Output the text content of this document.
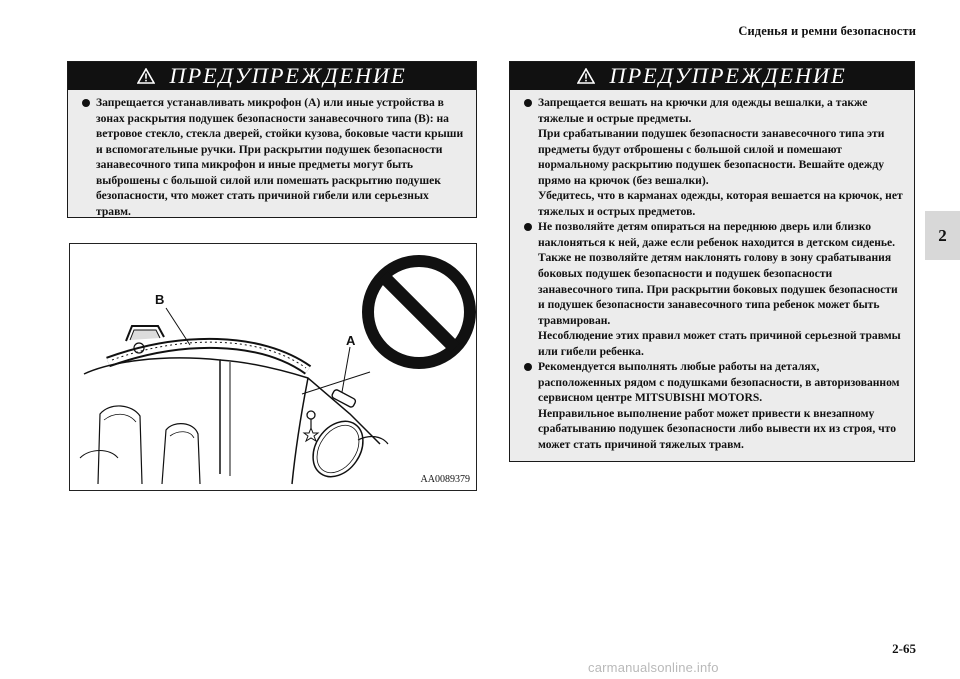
Сиденья и ремни безопасности
2
ПРЕДУПРЕЖДЕНИЕ

Запрещается устанавливать микрофон (A) или иные устройства в зонах раскрытия подушек безопасности занавесочного типа (B): на ветровое стекло, стекла дверей, стойки кузова, боковые части крыши и вспомогательные ручки. При раскрытии подушек безопасности занавесочного типа микрофон и иные предметы могут быть выброшены с большой силой или помешать раскрытию подушек безопасности, что может стать причиной гибели или серьезных травм.

B
A
AA0089379
ПРЕДУПРЕЖДЕНИЕ

Запрещается вешать на крючки для одежды вешалки, а также тяжелые и острые предметы.

При срабатывании подушек безопасности занавесочного типа эти предметы будут отброшены с большой силой и помешают нормальному раскрытию подушек безопасности. Вешайте одежду прямо на крючок (без вешалки).

Убедитесь, что в карманах одежды, которая вешается на крючок, нет тяжелых и острых предметов.

Не позволяйте детям опираться на переднюю дверь или близко наклоняться к ней, даже если ребенок находится в детском сиденье.

Также не позволяйте детям наклонять голову в зону срабатывания боковых подушек безопасности и подушек безопасности занавесочного типа. При раскрытии боковых подушек безопасности и подушек безопасности занавесочного типа ребенок может быть травмирован.

Несоблюдение этих правил может стать причиной серьезной травмы или гибели ребенка.

Рекомендуется выполнять любые работы на деталях, расположенных рядом с подушками безопасности, в авторизованном сервисном центре MITSUBISHI MOTORS.

Неправильное выполнение работ может привести к внезапному срабатыванию подушек безопасности либо вывести их из строя, что может стать причиной тяжелых травм.

2-65
carmanualsonline.info
